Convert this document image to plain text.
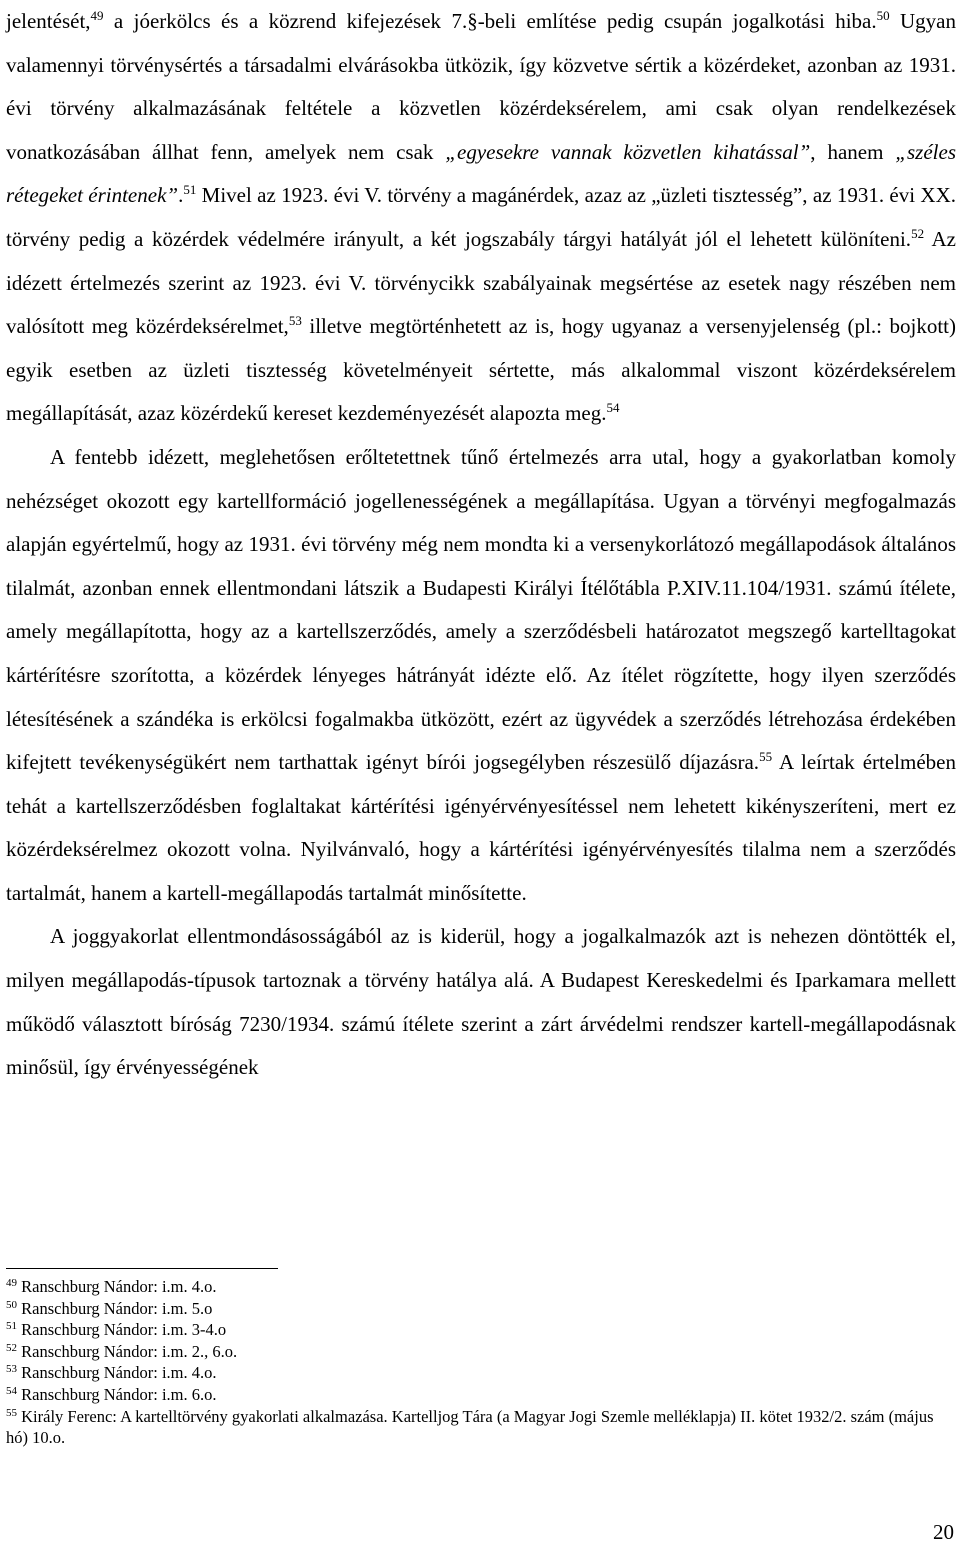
jelentését,$^{49}$ a jóerkölcs és a közrend kifejezések 7.§-beli említése pedig csupán jogalkotási hiba.$^{50}$ Ugyan valamennyi törvénysértés a társadalmi elvárásokba ütközik, így közvetve sértik a közérdeket, azonban az 1931. évi törvény alkalmazásának feltétele a közvetlen közérdeksérelem, ami csak olyan rendelkezések vonatkozásában állhat fenn, amelyek nem csak „egyesekre vannak közvetlen kihatással”, hanem „széles rétegeket érintenek”.$^{51}$ Mivel az 1923. évi V. törvény a magánérdek, azaz az „üzleti tisztesség”, az 1931. évi XX. törvény pedig a közérdek védelmére irányult, a két jogszabály tárgyi hatályát jól el lehetett különíteni.$^{52}$ Az idézett értelmezés szerint az 1923. évi V. törvénycikk szabályainak megsértése az esetek nagy részében nem valósított meg közérdeksérelmet,$^{53}$ illetve megtörténhetett az is, hogy ugyanaz a versenyjelenség (pl.: bojkott) egyik esetben az üzleti tisztesség követelményeit sértette, más alkalommal viszont közérdeksérelem megállapítását, azaz közérdekű kereset kezdeményezését alapozta meg.$^{54}$

A fentebb idézett, meglehetősen erőltetettnek tűnő értelmezés arra utal, hogy a gyakorlatban komoly nehézséget okozott egy kartellformáció jogellenességének a megállapítása. Ugyan a törvényi megfogalmazás alapján egyértelmű, hogy az 1931. évi törvény még nem mondta ki a versenykorlátozó megállapodások általános tilalmát, azonban ennek ellentmondani látszik a Budapesti Királyi Ítélőtábla P.XIV.11.104/1931. számú ítélete, amely megállapította, hogy az a kartellszerződés, amely a szerződésbeli határozatot megszegő kartelltagokat kártérítésre szorította, a közérdek lényeges hátrányát idézte elő. Az ítélet rögzítette, hogy ilyen szerződés létesítésének a szándéka is erkölcsi fogalmakba ütközött, ezért az ügyvédek a szerződés létrehozása érdekében kifejtett tevékenységükért nem tarthattak igényt bírói jogsegélyben részesülő díjazásra.$^{55}$ A leírtak értelmében tehát a kartellszerződésben foglaltakat kártérítési igényérvényesítéssel nem lehetett kikényszeríteni, mert ez közérdeksérelmez okozott volna. Nyilvánvaló, hogy a kártérítési igényérvényesítés tilalma nem a szerződés tartalmát, hanem a kartell-megállapodás tartalmát minősítette.

A joggyakorlat ellentmondásosságából az is kiderül, hogy a jogalkalmazók azt is nehezen döntötték el, milyen megállapodás-típusok tartoznak a törvény hatálya alá. A Budapest Kereskedelmi és Iparkamara mellett működő választott bíróság 7230/1934. számú ítélete szerint a zárt árvédelmi rendszer kartell-megállapodásnak minősül, így érvényességének

$^{49}$ Ranschburg Nándor: i.m. 4.o.
$^{50}$ Ranschburg Nándor: i.m. 5.o
$^{51}$ Ranschburg Nándor: i.m. 3-4.o
$^{52}$ Ranschburg Nándor: i.m. 2., 6.o.
$^{53}$ Ranschburg Nándor: i.m. 4.o.
$^{54}$ Ranschburg Nándor: i.m. 6.o.
$^{55}$ Király Ferenc: A kartelltörvény gyakorlati alkalmazása. Kartelljog Tára (a Magyar Jogi Szemle melléklapja) II. kötet 1932/2. szám (május hó) 10.o.
20
